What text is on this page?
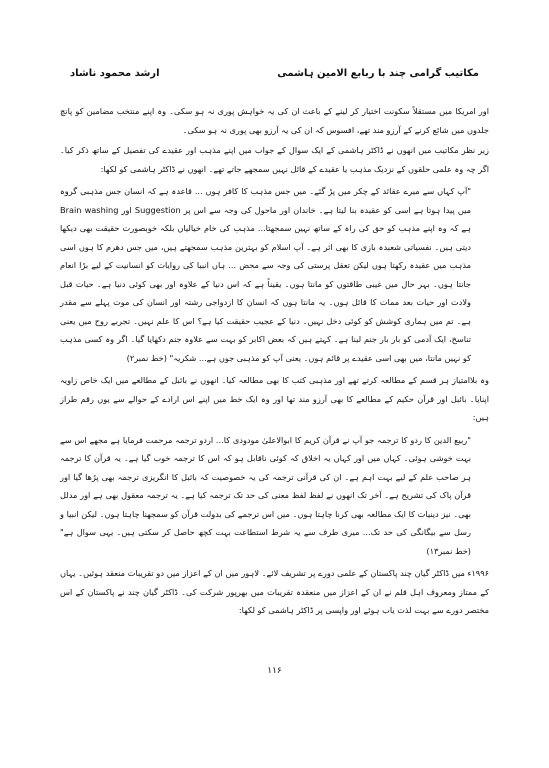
مکاتیب گرامی چند با ربابع الامین ہاشمی
ارشد محمود ناشاد

اور امریکا میں مستقلاً سکونت اختیار کر لینے کے باعث ان کی یہ خواہش پوری نہ ہو سکی۔ وہ اپنے منتخب مضامین کو پانچ جلدوں میں شائع کرنے کے آرزو مند تھے، افسوس کہ ان کی یہ آرزو بھی پوری نہ ہو سکی۔

زیر نظر مکاتیب میں انھوں نے ڈاکٹر ہاشمی کے ایک سوال کے جواب میں اپنے مذہب اور عقیدے کی تفصیل کے ساتھ ذکر کیا۔ اگر چہ وہ علمی حلقوں کے نزدیک مذہب یا عقیدے کے قائل نہیں سمجھے جاتے تھے۔ انھوں نے ڈاکٹر ہاشمی کو لکھا:

"آپ کہاں سے میرے عقائد کے چکر میں پڑ گئے۔ میں جس مذہب کا کافر ہوں ... قاعدہ ہے کہ انسان جس مذہبی گروہ میں پیدا ہوتا ہے اسی کو عقیدہ بنا لیتا ہے۔ خاندان اور ماحول کی وجہ سے اس پر Suggestion اور Brain washing ہے کہ وہ اپنے مذہب کو حق کی راہ کے ساتھ نہیں سمجھتا... مذہب کی خام خیالیاں بلکہ خوبصورت حقیقت بھی دیکھا دیتی ہیں۔ نفسیاتی شعبدہ بازی کا بھی اثر ہے۔ آپ اسلام کو بہترین مذہب سمجھتے ہیں، میں جس دھرم کا ہوں اسی مذہب میں عقیدہ رکھتا ہوں لیکن تعقل پرستی کی وجہ سے محض ... ہاں انبیا کی روایات کو انسانیت کے لیے بڑا انعام جانتا ہوں۔ بہر حال میں غیبی طاقتوں کو مانتا ہوں۔ یقیناً ہے کہ اس دنیا کے علاوہ اور بھی کوئی دنیا ہے۔ حیات قبل ولادت اور حیات بعد ممات کا قائل ہوں۔ یہ مانتا ہوں کہ انسان کا ازدواجی رشتہ اور انسان کی موت پہلے سے مقدر ہے۔ تم میں ہماری کوشش کو کوئی دخل نہیں۔ دنیا کے عجیب حقیقت کیا ہے؟ اس کا علم نہیں۔ تجربے روح میں یعنی تناسخ، ایک آدمی کو بار بار جنم لینا ہے۔ کہتے ہیں کہ بعض اکابر کو بہت سے علاوہ جنم دکھایا گیا۔ اگر وہ کسی مذہب کو نہیں مانتا، میں بھی اسی عقیدے پر قائم ہوں۔ یعنی آپ کو مذہبی جوں ہے... شکریہ" (خط نمبر۲)

وہ بلاامتیاز ہر قسم کے مطالعہ کرتے تھے اور مذہبی کتب کا بھی مطالعہ کیا۔ انھوں نے بائبل کے مطالعے میں ایک خاص زاویہ اپنایا۔ بائبل اور قرآن حکیم کے مطالعے کا بھی آرزو مند تھا اور وہ ایک خط میں اپنے اس ارادے کے حوالے سے یوں رقم طراز ہیں:

"ربیع الدین کا ردو کا ترجمہ جو آپ نے قرآن کریم کا ابوالاعلیٰ مودودی کا... اردو ترجمہ مرحمت فرمایا ہے مجھے اس سے بہت خوشی ہوئی۔ کہاں میں اور کہاں یہ اخلاق کہ کوئی ناقابل ہو کہ اس کا ترجمہ خوب گیا ہے۔ یہ قرآن کا ترجمہ ہر صاحب علم کے لیے بہت اہم ہے۔ ان کی قرآنی ترجمہ کی یہ خصوصیت کہ بائبل کا انگریزی ترجمہ بھی پڑھا گیا اور قرآن پاک کی تشریح ہے۔ آخر تک انھوں نے لفظ لفظ معنی کی حد تک ترجمہ کیا ہے۔ یہ ترجمہ معقول بھی ہے اور مدلل بھی۔ نیز دینیات کا ایک مطالعہ بھی کرنا چاہتا ہوں۔ میں اس ترجمے کی بدولت قرآن کو سمجھنا چاہتا ہوں۔ لیکن انبیا و رسل سے بیگانگی کی حد تک... میری طرف سے یہ شرط استطاعت بہت کچھ حاصل کر سکتی ہیں۔ یہی سوال ہے" (خط نمبر۱۳)

۱۹۹۶ء میں ڈاکٹر گیان چند پاکستان کے علمی دورے پر تشریف لائے۔ لاہور میں ان کے اعزاز میں دو تقریبات منعقد ہوئیں۔ یہاں کے ممتاز ومعروف اہل قلم نے ان کے اعزاز میں منعقدہ تقریبات میں بھرپور شرکت کی۔ ڈاکٹر گیان چند نے پاکستان کے اس مختصر دورے سے بہت لذت یاب ہوئے اور واپسی پر ڈاکٹر ہاشمی کو لکھا:

۱۱۶
